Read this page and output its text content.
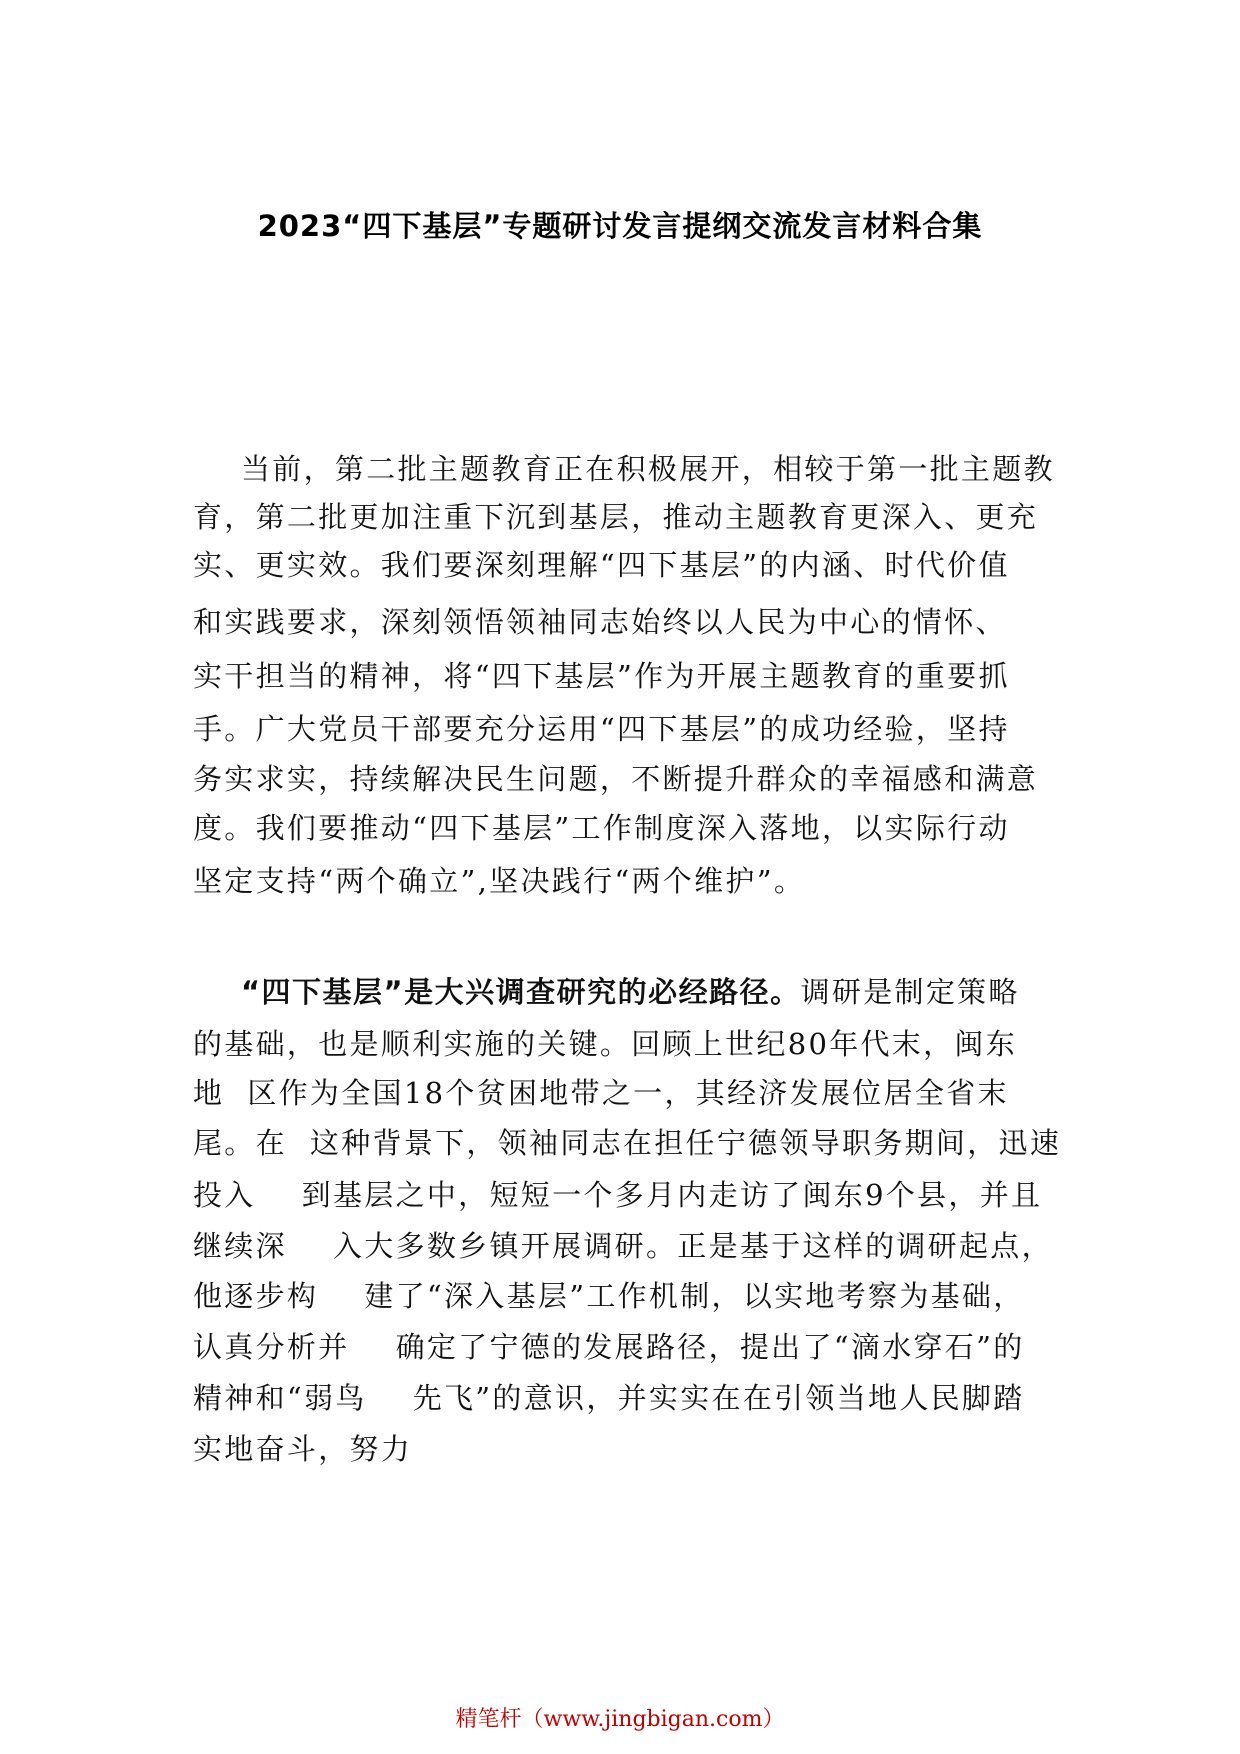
2023“四下基层”专题研讨发言提纲交流发言材料合集
当前，第二批主题教育正在积极展开，相较于第一批主题教
育，第二批更加注重下沉到基层，推动主题教育更深入、更充
实、更实效。我们要深刻理解“四下基层”的内涵、时代价值
和实践要求，深刻领悟领袖同志始终以人民为中心的情怀、
实干担当的精神，将“四下基层”作为开展主题教育的重要抓
手。广大党员干部要充分运用“四下基层”的成功经验，坚持
务实求实，持续解决民生问题，不断提升群众的幸福感和满意
度。我们要推动“四下基层”工作制度深入落地，以实际行动
坚定支持“两个确立”,坚决践行“两个维护”。
“四下基层”是大兴调查研究的必经路径。调研是制定策略
的基础，也是顺利实施的关键。回顾上世纪80年代末，闽东
地  区作为全国18个贫困地带之一，其经济发展位居全省末
尾。在  这种背景下，领袖同志在担任宁德领导职务期间，迅速
投入    到基层之中，短短一个多月内走访了闽东9个县，并且
继续深    入大多数乡镇开展调研。正是基于这样的调研起点，
他逐步构    建了“深入基层”工作机制，以实地考察为基础，
认真分析并    确定了宁德的发展路径，提出了“滴水穿石”的
精神和“弱鸟    先飞”的意识，并实实在在引领当地人民脚踏
实地奋斗，努力
精笔杆（www.jingbigan.com）
